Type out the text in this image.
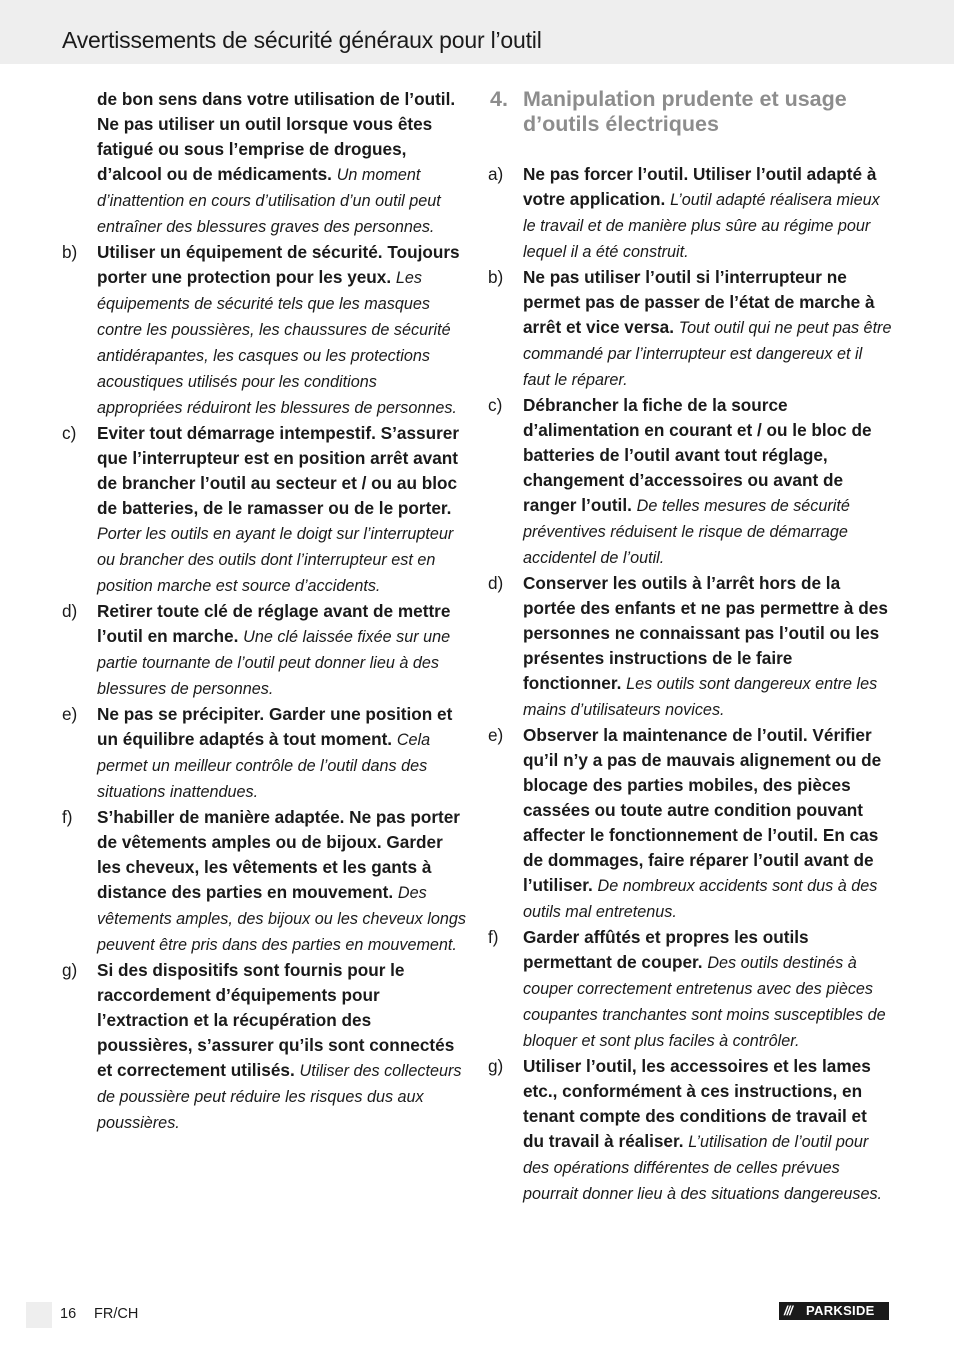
Avertissements de sécurité généraux pour l’outil

de bon sens dans votre utilisation de l’outil. Ne pas utiliser un outil lorsque vous êtes fatigué ou sous l’emprise de drogues, d’alcool ou de médicaments. Un moment d’inattention en cours d’utilisation d’un outil peut entraîner des blessures graves des personnes.

b) Utiliser un équipement de sécurité. Toujours porter une protection pour les yeux. Les équipements de sécurité tels que les masques contre les poussières, les chaussures de sécurité antidérapantes, les casques ou les protections acoustiques utilisés pour les conditions appropriées réduiront les blessures de personnes.

c) Eviter tout démarrage intempestif. S’assurer que l’interrupteur est en position arrêt avant de brancher l’outil au secteur et / ou au bloc de batteries, de le ramasser ou de le porter. Porter les outils en ayant le doigt sur l’interrupteur ou brancher des outils dont l’interrupteur est en position marche est source d’accidents.

d) Retirer toute clé de réglage avant de mettre l’outil en marche. Une clé laissée fixée sur une partie tournante de l’outil peut donner lieu à des blessures de personnes.

e) Ne pas se précipiter. Garder une position et un équilibre adaptés à tout moment. Cela permet un meilleur contrôle de l’outil dans des situations inattendues.

f) S’habiller de manière adaptée. Ne pas porter de vêtements amples ou de bijoux. Garder les cheveux, les vêtements et les gants à distance des parties en mouvement. Des vêtements amples, des bijoux ou les cheveux longs peuvent être pris dans des parties en mouvement.

g) Si des dispositifs sont fournis pour le raccordement d’équipements pour l’extraction et la récupération des poussières, s’assurer qu’ils sont connectés et correctement utilisés. Utiliser des collecteurs de poussière peut réduire les risques dus aux poussières.

4. Manipulation prudente et usage d’outils électriques

a) Ne pas forcer l’outil. Utiliser l’outil adapté à votre application. L’outil adapté réalisera mieux le travail et de manière plus sûre au régime pour lequel il a été construit.

b) Ne pas utiliser l’outil si l’interrupteur ne permet pas de passer de l’état de marche à arrêt et vice versa. Tout outil qui ne peut pas être commandé par l’interrupteur est dangereux et il faut le réparer.

c) Débrancher la fiche de la source d’alimentation en courant et / ou le bloc de batteries de l’outil avant tout réglage, changement d’accessoires ou avant de ranger l’outil. De telles mesures de sécurité préventives réduisent le risque de démarrage accidentel de l’outil.

d) Conserver les outils à l’arrêt hors de la portée des enfants et ne pas permettre à des personnes ne connaissant pas l’outil ou les présentes instructions de le faire fonctionner. Les outils sont dangereux entre les mains d’utilisateurs novices.

e) Observer la maintenance de l’outil. Vérifier qu’il n’y a pas de mauvais alignement ou de blocage des parties mobiles, des pièces cassées ou toute autre condition pouvant affecter le fonctionnement de l’outil. En cas de dommages, faire réparer l’outil avant de l’utiliser. De nombreux accidents sont dus à des outils mal entretenus.

f) Garder affûtés et propres les outils permettant de couper. Des outils destinés à couper correctement entretenus avec des pièces coupantes tranchantes sont moins susceptibles de bloquer et sont plus faciles à contrôler.

g) Utiliser l’outil, les accessoires et les lames etc., conformément à ces instructions, en tenant compte des conditions de travail et du travail à réaliser. L’utilisation de l’outil pour des opérations différentes de celles prévues pourrait donner lieu à des situations dangereuses.

16 FR/CH	/// PARKSIDE
